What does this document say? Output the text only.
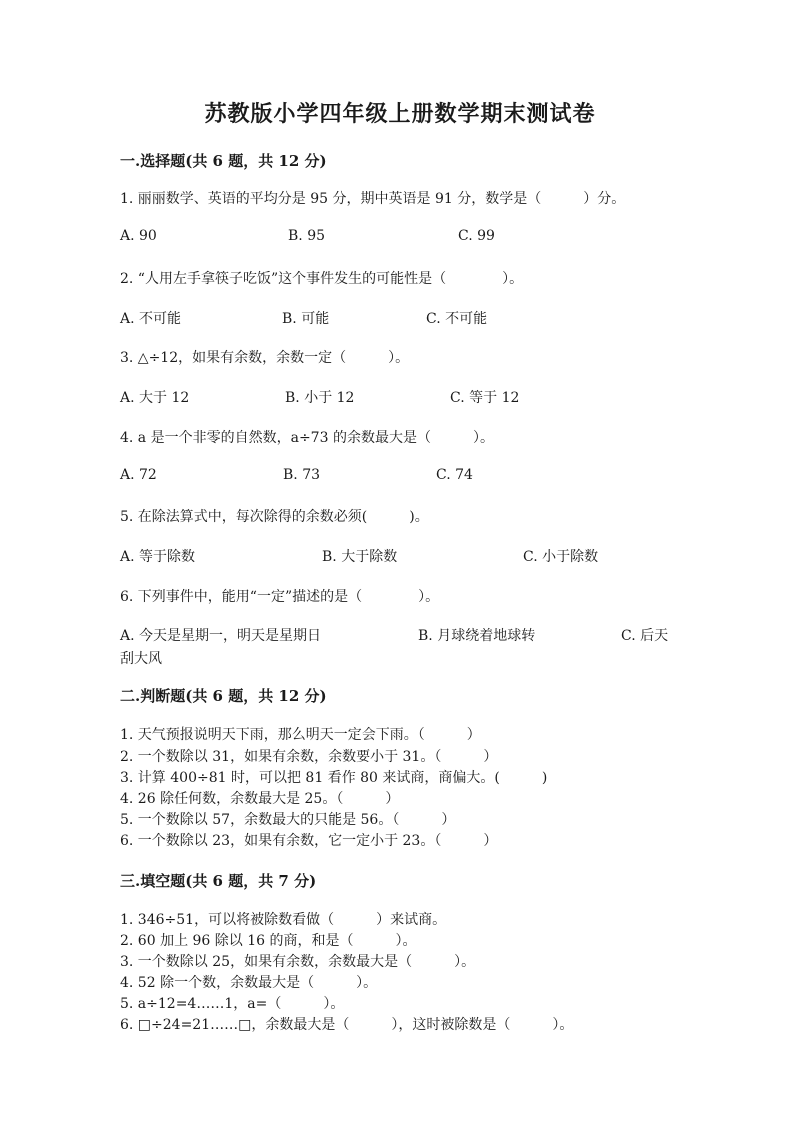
苏教版小学四年级上册数学期末测试卷
一.选择题(共 6 题，共 12 分)
1. 丽丽数学、英语的平均分是 95 分，期中英语是 91 分，数学是（　　　）分。
A. 90	B. 95	C. 99
2. “人用左手拿筷子吃饭”这个事件发生的可能性是（　　　　）。
A. 不可能	B. 可能	C. 不可能
3. △÷12，如果有余数，余数一定（　　　）。
A. 大于 12	B. 小于 12	C. 等于 12
4. a 是一个非零的自然数，a÷73 的余数最大是（　　　）。
A. 72	B. 73	C. 74
5. 在除法算式中，每次除得的余数必须(　　　)。
A. 等于除数	B. 大于除数	C. 小于除数
6. 下列事件中，能用“一定”描述的是（　　　　）。
A. 今天是星期一，明天是星期日	B. 月球绕着地球转	C. 后天
刮大风
二.判断题(共 6 题，共 12 分)
1. 天气预报说明天下雨，那么明天一定会下雨。（　　　）
2. 一个数除以 31，如果有余数，余数要小于 31。（　　　）
3. 计算 400÷81 时，可以把 81 看作 80 来试商，商偏大。(　　　)
4. 26 除任何数，余数最大是 25。（　　　）
5. 一个数除以 57，余数最大的只能是 56。（　　　）
6. 一个数除以 23，如果有余数，它一定小于 23。（　　　）
三.填空题(共 6 题，共 7 分)
1. 346÷51，可以将被除数看做（　　　）来试商。
2. 60 加上 96 除以 16 的商，和是（　　　）。
3. 一个数除以 25，如果有余数，余数最大是（　　　）。
4. 52 除一个数，余数最大是（　　　）。
5. a÷12=4……1，a=（　　　）。
6. □÷24=21……□，余数最大是（　　　），这时被除数是（　　　）。
